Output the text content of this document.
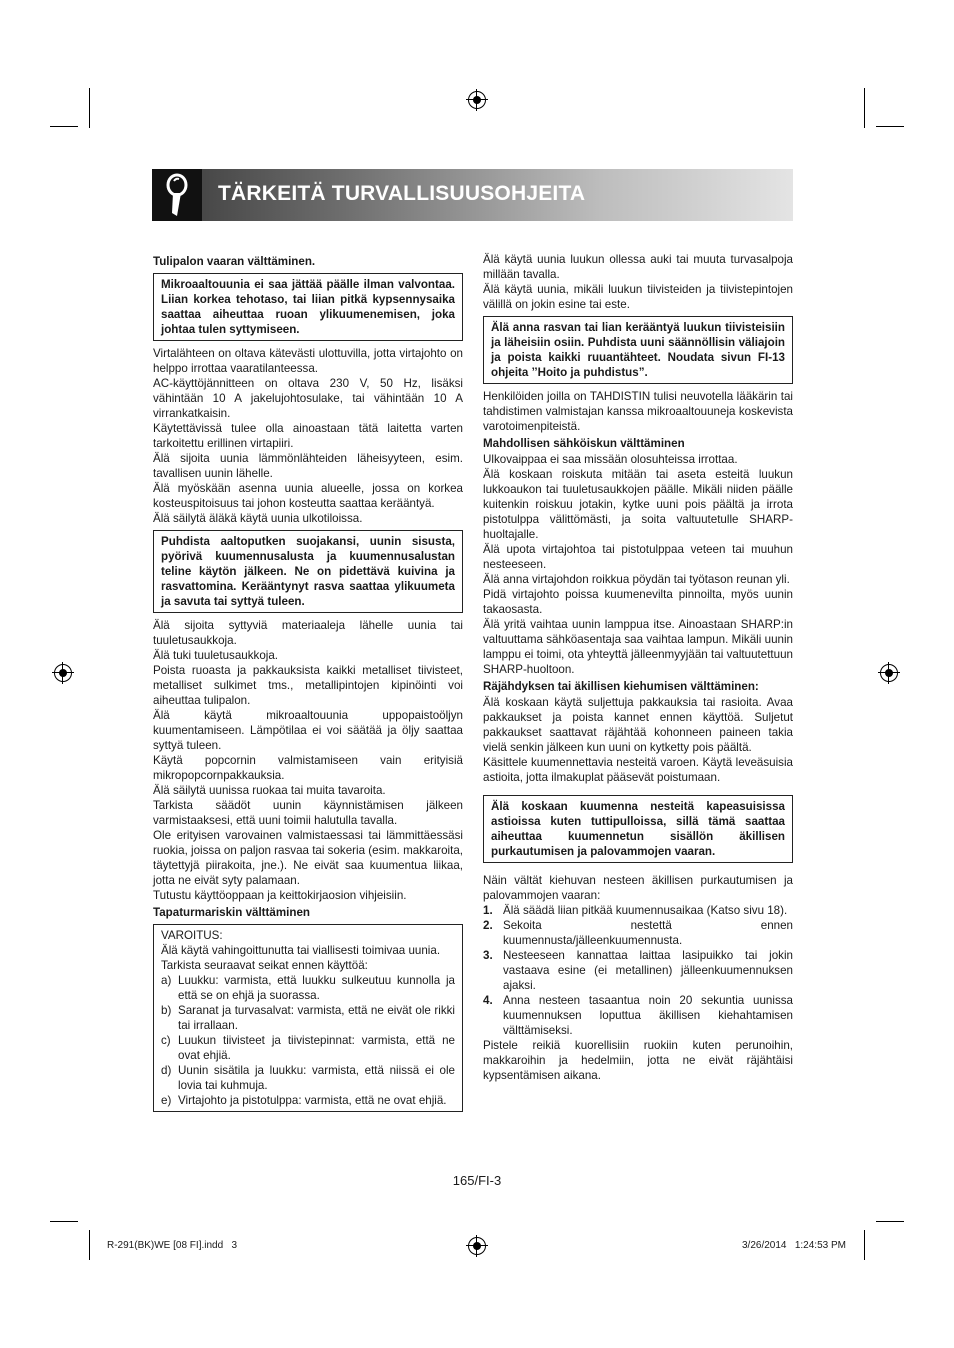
TÄRKEITÄ TURVALLISUUSOHJEITA

Tulipalon vaaran välttäminen.

Mikroaaltouunia ei saa jättää päälle ilman valvontaa. Liian korkea tehotaso, tai liian pitkä kypsennysaika saattaa aiheuttaa ruoan ylikuumenemisen, joka johtaa tulen syttymiseen.

Virtalähteen on oltava kätevästi ulottuvilla, jotta virtajohto on helppo irrottaa vaaratilanteessa.

AC-käyttöjännitteen on oltava 230 V, 50 Hz, lisäksi vähintään 10 A jakelujohtosulake, tai vähintään 10 A virrankatkaisin.

Käytettävissä tulee olla ainoastaan tätä laitetta varten tarkoitettu erillinen virtapiiri.

Älä sijoita uunia lämmönlähteiden läheisyyteen, esim. tavallisen uunin lähelle.

Älä myöskään asenna uunia alueelle, jossa on korkea kosteuspitoisuus tai johon kosteutta saattaa kerääntyä.

Älä säilytä äläkä käytä uunia ulkotiloissa.

Puhdista aaltoputken suojakansi, uunin sisusta, pyörivä kuumennusalusta ja kuumennusalustan teline käytön jälkeen. Ne on pidettävä kuivina ja rasvattomina. Kerääntynyt rasva saattaa ylikuumeta ja savuta tai syttyä tuleen.

Älä sijoita syttyviä materiaaleja lähelle uunia tai tuuletusaukkoja.

Älä tuki tuuletusaukkoja.

Poista ruoasta ja pakkauksista kaikki metalliset tiivisteet, metalliset sulkimet tms., metallipintojen kipinöinti voi aiheuttaa tulipalon.

Älä käytä mikroaaltouunia uppopaistoöljyn kuumentamiseen. Lämpötilaa ei voi säätää ja öljy saattaa syttyä tuleen.

Käytä popcornin valmistamiseen vain erityisiä mikropopcornpakkauksia.

Älä säilytä uunissa ruokaa tai muita tavaroita.

Tarkista säädöt uunin käynnistämisen jälkeen varmistaaksesi, että uuni toimii halutulla tavalla.

Ole erityisen varovainen valmistaessasi tai lämmittäessäsi ruokia, joissa on paljon rasvaa tai sokeria (esim. makkaroita, täytettyjä piirakoita, jne.). Ne eivät saa kuumentua liikaa, jotta ne eivät syty palamaan.

Tutustu käyttöoppaan ja keittokirjaosion vihjeisiin.

Tapaturmariskin välttäminen

VAROITUS:

Älä käytä vahingoittunutta tai viallisesti toimivaa uunia.

Tarkista seuraavat seikat ennen käyttöä:

a) Luukku: varmista, että luukku sulkeutuu kunnolla ja että se on ehjä ja suorassa.
b) Saranat ja turvasalvat: varmista, että ne eivät ole rikki tai irrallaan.
c) Luukun tiivisteet ja tiivistepinnat: varmista, että ne ovat ehjiä.
d) Uunin sisätila ja luukku: varmista, että niissä ei ole lovia tai kuhmuja.
e) Virtajohto ja pistotulppa: varmista, että ne ovat ehjiä.

Älä käytä uunia luukun ollessa auki tai muuta turvasalpoja millään tavalla.

Älä käytä uunia, mikäli luukun tiivisteiden ja tiivistepintojen välillä on jokin esine tai este.

Älä anna rasvan tai lian kerääntyä luukun tiivisteisiin ja läheisiin osiin. Puhdista uuni säännöllisin väliajoin ja poista kaikki ruuantähteet. Noudata sivun FI-13 ohjeita ’’Hoito ja puhdistus”.

Henkilöiden joilla on TAHDISTIN tulisi neuvotella lääkärin tai tahdistimen valmistajan kanssa mikroaaltouuneja koskevista varotoimenpiteistä.

Mahdollisen sähköiskun välttäminen

Ulkovaippaa ei saa missään olosuhteissa irrottaa.

Älä koskaan roiskuta mitään tai aseta esteitä luukun lukkoaukon tai tuuletusaukkojen päälle. Mikäli niiden päälle kuitenkin roiskuu jotakin, kytke uuni pois päältä ja irrota pistotulppa välittömästi, ja soita valtuutetulle SHARP-huoltajalle.

Älä upota virtajohtoa tai pistotulppaa veteen tai muuhun nesteeseen.

Älä anna virtajohdon roikkua pöydän tai työtason reunan yli.

Pidä virtajohto poissa kuumenevilta pinnoilta, myös uunin takaosasta.

Älä yritä vaihtaa uunin lamppua itse. Ainoastaan SHARP:in valtuuttama sähköasentaja saa vaihtaa lampun. Mikäli uunin lamppu ei toimi, ota yhteyttä jälleenmyyjään tai valtuutettuun SHARP-huoltoon.

Räjähdyksen tai äkillisen kiehumisen välttäminen:

Älä koskaan käytä suljettuja pakkauksia tai rasioita. Avaa pakkaukset ja poista kannet ennen käyttöä. Suljetut pakkaukset saattavat räjähtää kohonneen paineen takia vielä senkin jälkeen kun uuni on kytketty pois päältä.

Käsittele kuumennettavia nesteitä varoen. Käytä leveäsuisia astioita, jotta ilmakuplat pääsevät poistumaan.

Älä koskaan kuumenna nesteitä kapeasuisissa astioissa kuten tuttipulloissa, sillä tämä saattaa aiheuttaa kuumennetun sisällön äkillisen purkautumisen ja palovammojen vaaran.

Näin vältät kiehuvan nesteen äkillisen purkautumisen ja palovammojen vaaran:

1. Älä säädä liian pitkää kuumennusaikaa (Katso sivu 18).
2. Sekoita nestettä ennen kuumennusta/jälleenkuumennusta.
3. Nesteeseen kannattaa laittaa lasipuikko tai jokin vastaava esine (ei metallinen) jälleenkuumennuksen ajaksi.
4. Anna nesteen tasaantua noin 20 sekuntia uunissa kuumennuksen loputtua äkillisen kiehahtamisen välttämiseksi.

Pistele reikiä kuorellisiin ruokiin kuten perunoihin, makkaroihin ja hedelmiin, jotta ne eivät räjähtäisi kypsentämisen aikana.

165/FI-3
R-291(BK)WE [08 FI].indd   3	3/26/2014   1:24:53 PM
